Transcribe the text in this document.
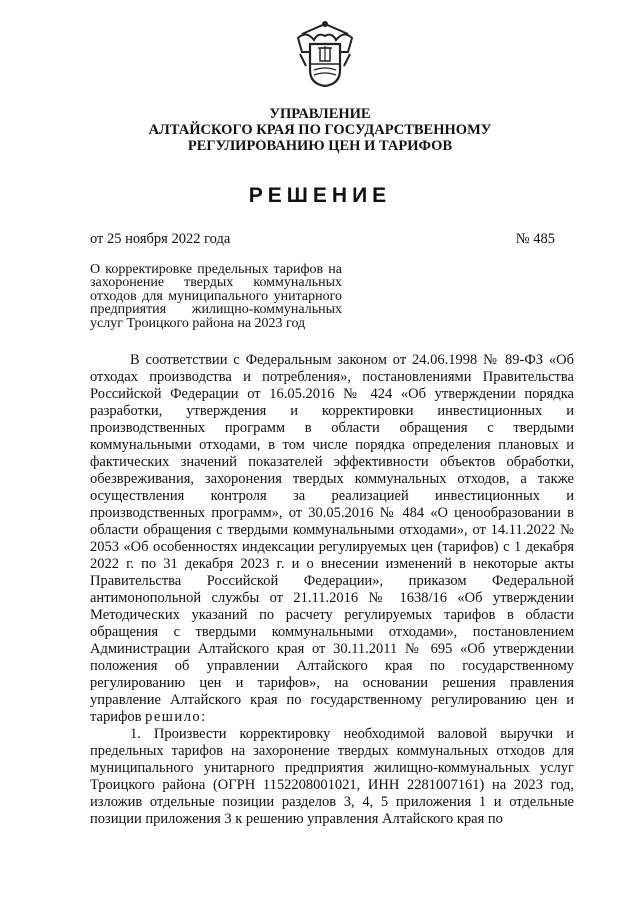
УПРАВЛЕНИЕ
АЛТАЙСКОГО КРАЯ ПО ГОСУДАРСТВЕННОМУ
РЕГУЛИРОВАНИЮ ЦЕН И ТАРИФОВ
РЕШЕНИЕ
от 25 ноября 2022 года	№ 485
О корректировке предельных тарифов на захоронение твердых коммунальных отходов для муниципального унитарного предприятия жилищно-коммунальных услуг Троицкого района на 2023 год

В соответствии с Федеральным законом от 24.06.1998 № 89-ФЗ «Об отходах производства и потребления», постановлениями Правительства Российской Федерации от 16.05.2016 № 424 «Об утверждении порядка разработки, утверждения и корректировки инвестиционных и производственных программ в области обращения с твердыми коммунальными отходами, в том числе порядка определения плановых и фактических значений показателей эффективности объектов обработки, обезвреживания, захоронения твердых коммунальных отходов, а также осуществления контроля за реализацией инвестиционных и производственных программ», от 30.05.2016 № 484 «О ценообразовании в области обращения с твердыми коммунальными отходами», от 14.11.2022 № 2053 «Об особенностях индексации регулируемых цен (тарифов) с 1 декабря 2022 г. по 31 декабря 2023 г. и о внесении изменений в некоторые акты Правительства Российской Федерации», приказом Федеральной антимонопольной службы от 21.11.2016 № 1638/16 «Об утверждении Методических указаний по расчету регулируемых тарифов в области обращения с твердыми коммунальными отходами», постановлением Администрации Алтайского края от 30.11.2011 № 695 «Об утверждении положения об управлении Алтайского края по государственному регулированию цен и тарифов», на основании решения правления управление Алтайского края по государственному регулированию цен и тарифов решило:

1. Произвести корректировку необходимой валовой выручки и предельных тарифов на захоронение твердых коммунальных отходов для муниципального унитарного предприятия жилищно-коммунальных услуг Троицкого района (ОГРН 1152208001021, ИНН 2281007161) на 2023 год, изложив отдельные позиции разделов 3, 4, 5 приложения 1 и отдельные позиции приложения 3 к решению управления Алтайского края по
